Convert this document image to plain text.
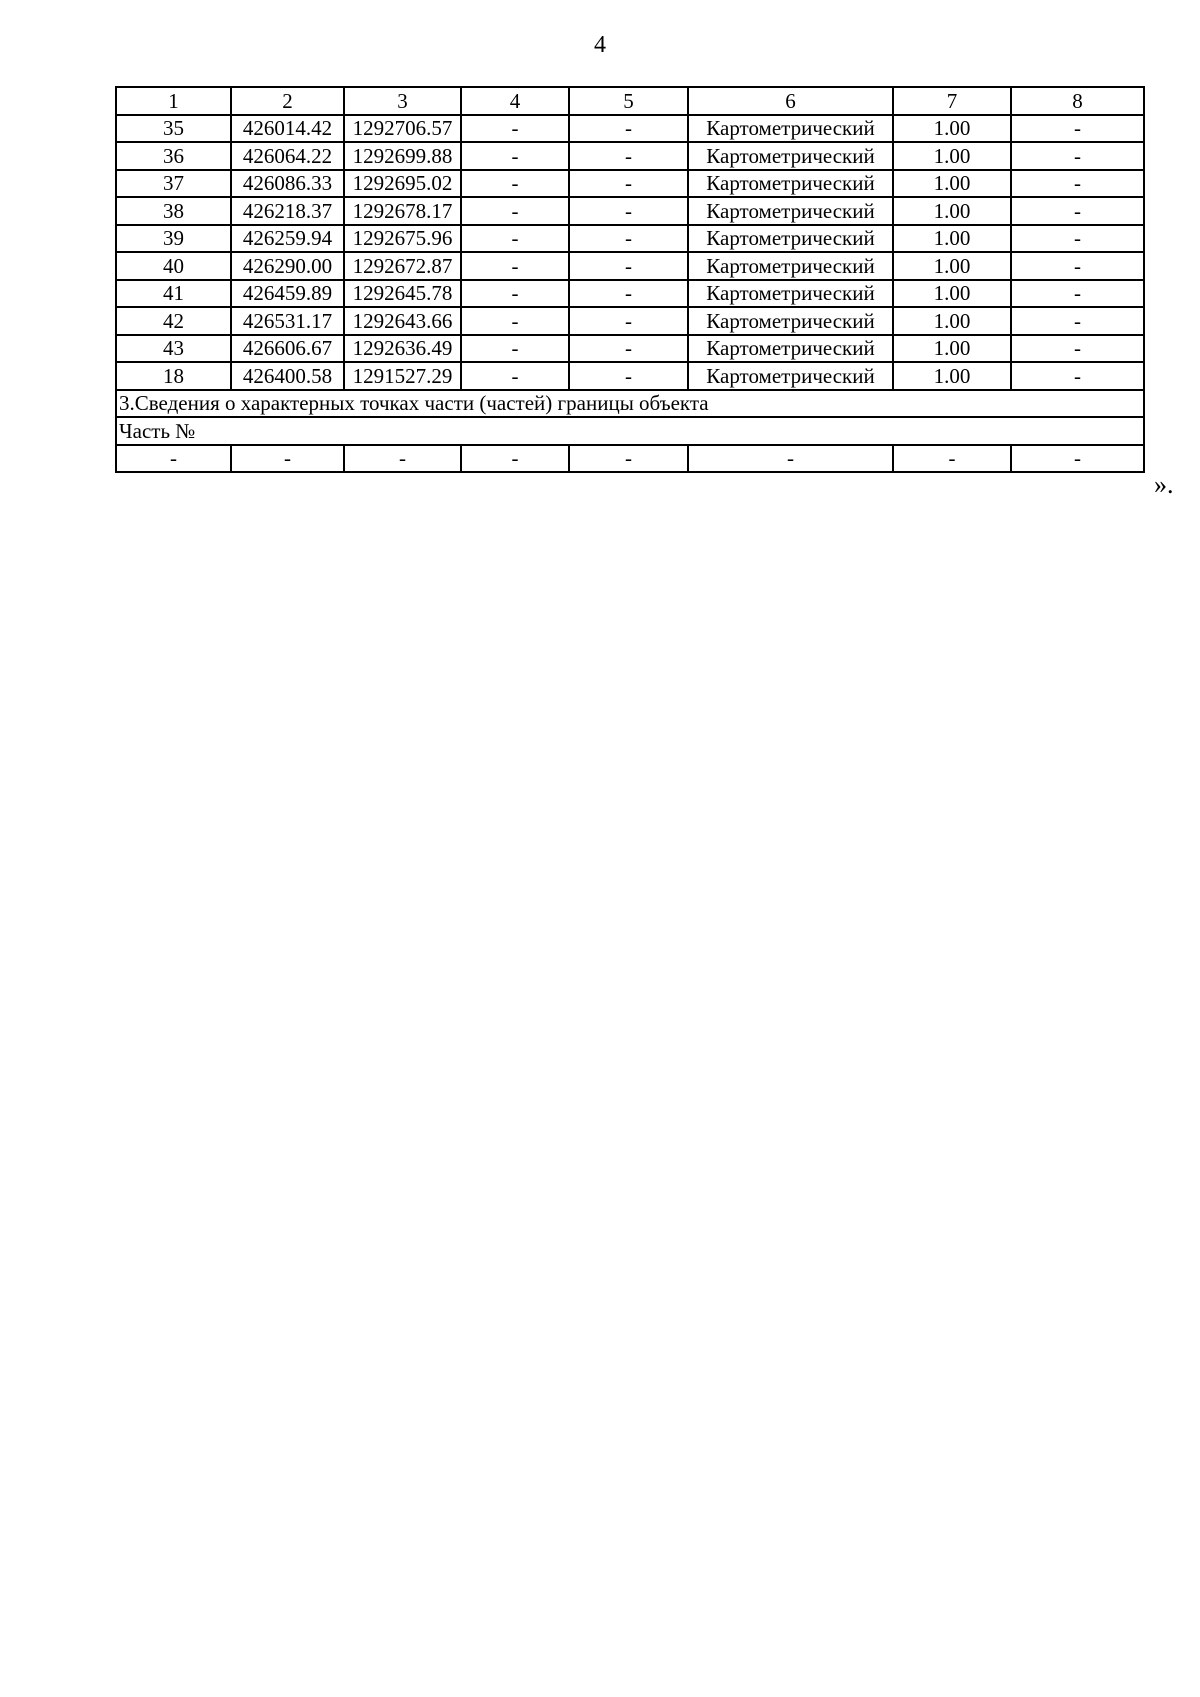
4
1	2	3	4	5	6	7	8
35	426014.42	1292706.57	-	-	Картометрический	1.00	-
36	426064.22	1292699.88	-	-	Картометрический	1.00	-
37	426086.33	1292695.02	-	-	Картометрический	1.00	-
38	426218.37	1292678.17	-	-	Картометрический	1.00	-
39	426259.94	1292675.96	-	-	Картометрический	1.00	-
40	426290.00	1292672.87	-	-	Картометрический	1.00	-
41	426459.89	1292645.78	-	-	Картометрический	1.00	-
42	426531.17	1292643.66	-	-	Картометрический	1.00	-
43	426606.67	1292636.49	-	-	Картометрический	1.00	-
18	426400.58	1291527.29	-	-	Картометрический	1.00	-
3.Сведения о характерных точках части (частей) границы объекта							
Часть №							
-	-	-	-	-	-	-	-
».
